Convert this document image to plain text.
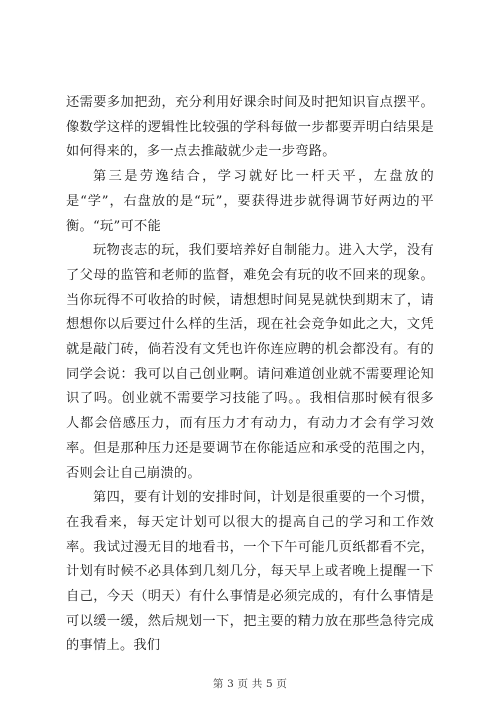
还需要多加把劲，充分利用好课余时间及时把知识盲点摆平。像数学这样的逻辑性比较强的学科每做一步都要弄明白结果是如何得来的，多一点去推敲就少走一步弯路。

第三是劳逸结合，学习就好比一杆天平，左盘放的是“学”，右盘放的是“玩”，要获得进步就得调节好两边的平衡。“玩”可不能

玩物丧志的玩，我们要培养好自制能力。进入大学，没有了父母的监管和老师的监督，难免会有玩的收不回来的现象。当你玩得不可收拾的时候，请想想时间晃晃就快到期末了，请想想你以后要过什么样的生活，现在社会竞争如此之大，文凭就是敲门砖，倘若没有文凭也许你连应聘的机会都没有。有的同学会说：我可以自己创业啊。请问难道创业就不需要理论知识了吗。创业就不需要学习技能了吗。。我相信那时候有很多人都会倍感压力，而有压力才有动力，有动力才会有学习效率。但是那种压力还是要调节在你能适应和承受的范围之内，否则会让自己崩溃的。

第四，要有计划的安排时间，计划是很重要的一个习惯，在我看来，每天定计划可以很大的提高自己的学习和工作效率。我试过漫无目的地看书，一个下午可能几页纸都看不完，计划有时候不必具体到几刻几分，每天早上或者晚上提醒一下自己，今天（明天）有什么事情是必须完成的，有什么事情是可以缓一缓，然后规划一下，把主要的精力放在那些急待完成的事情上。我们

第 3 页 共 5 页
